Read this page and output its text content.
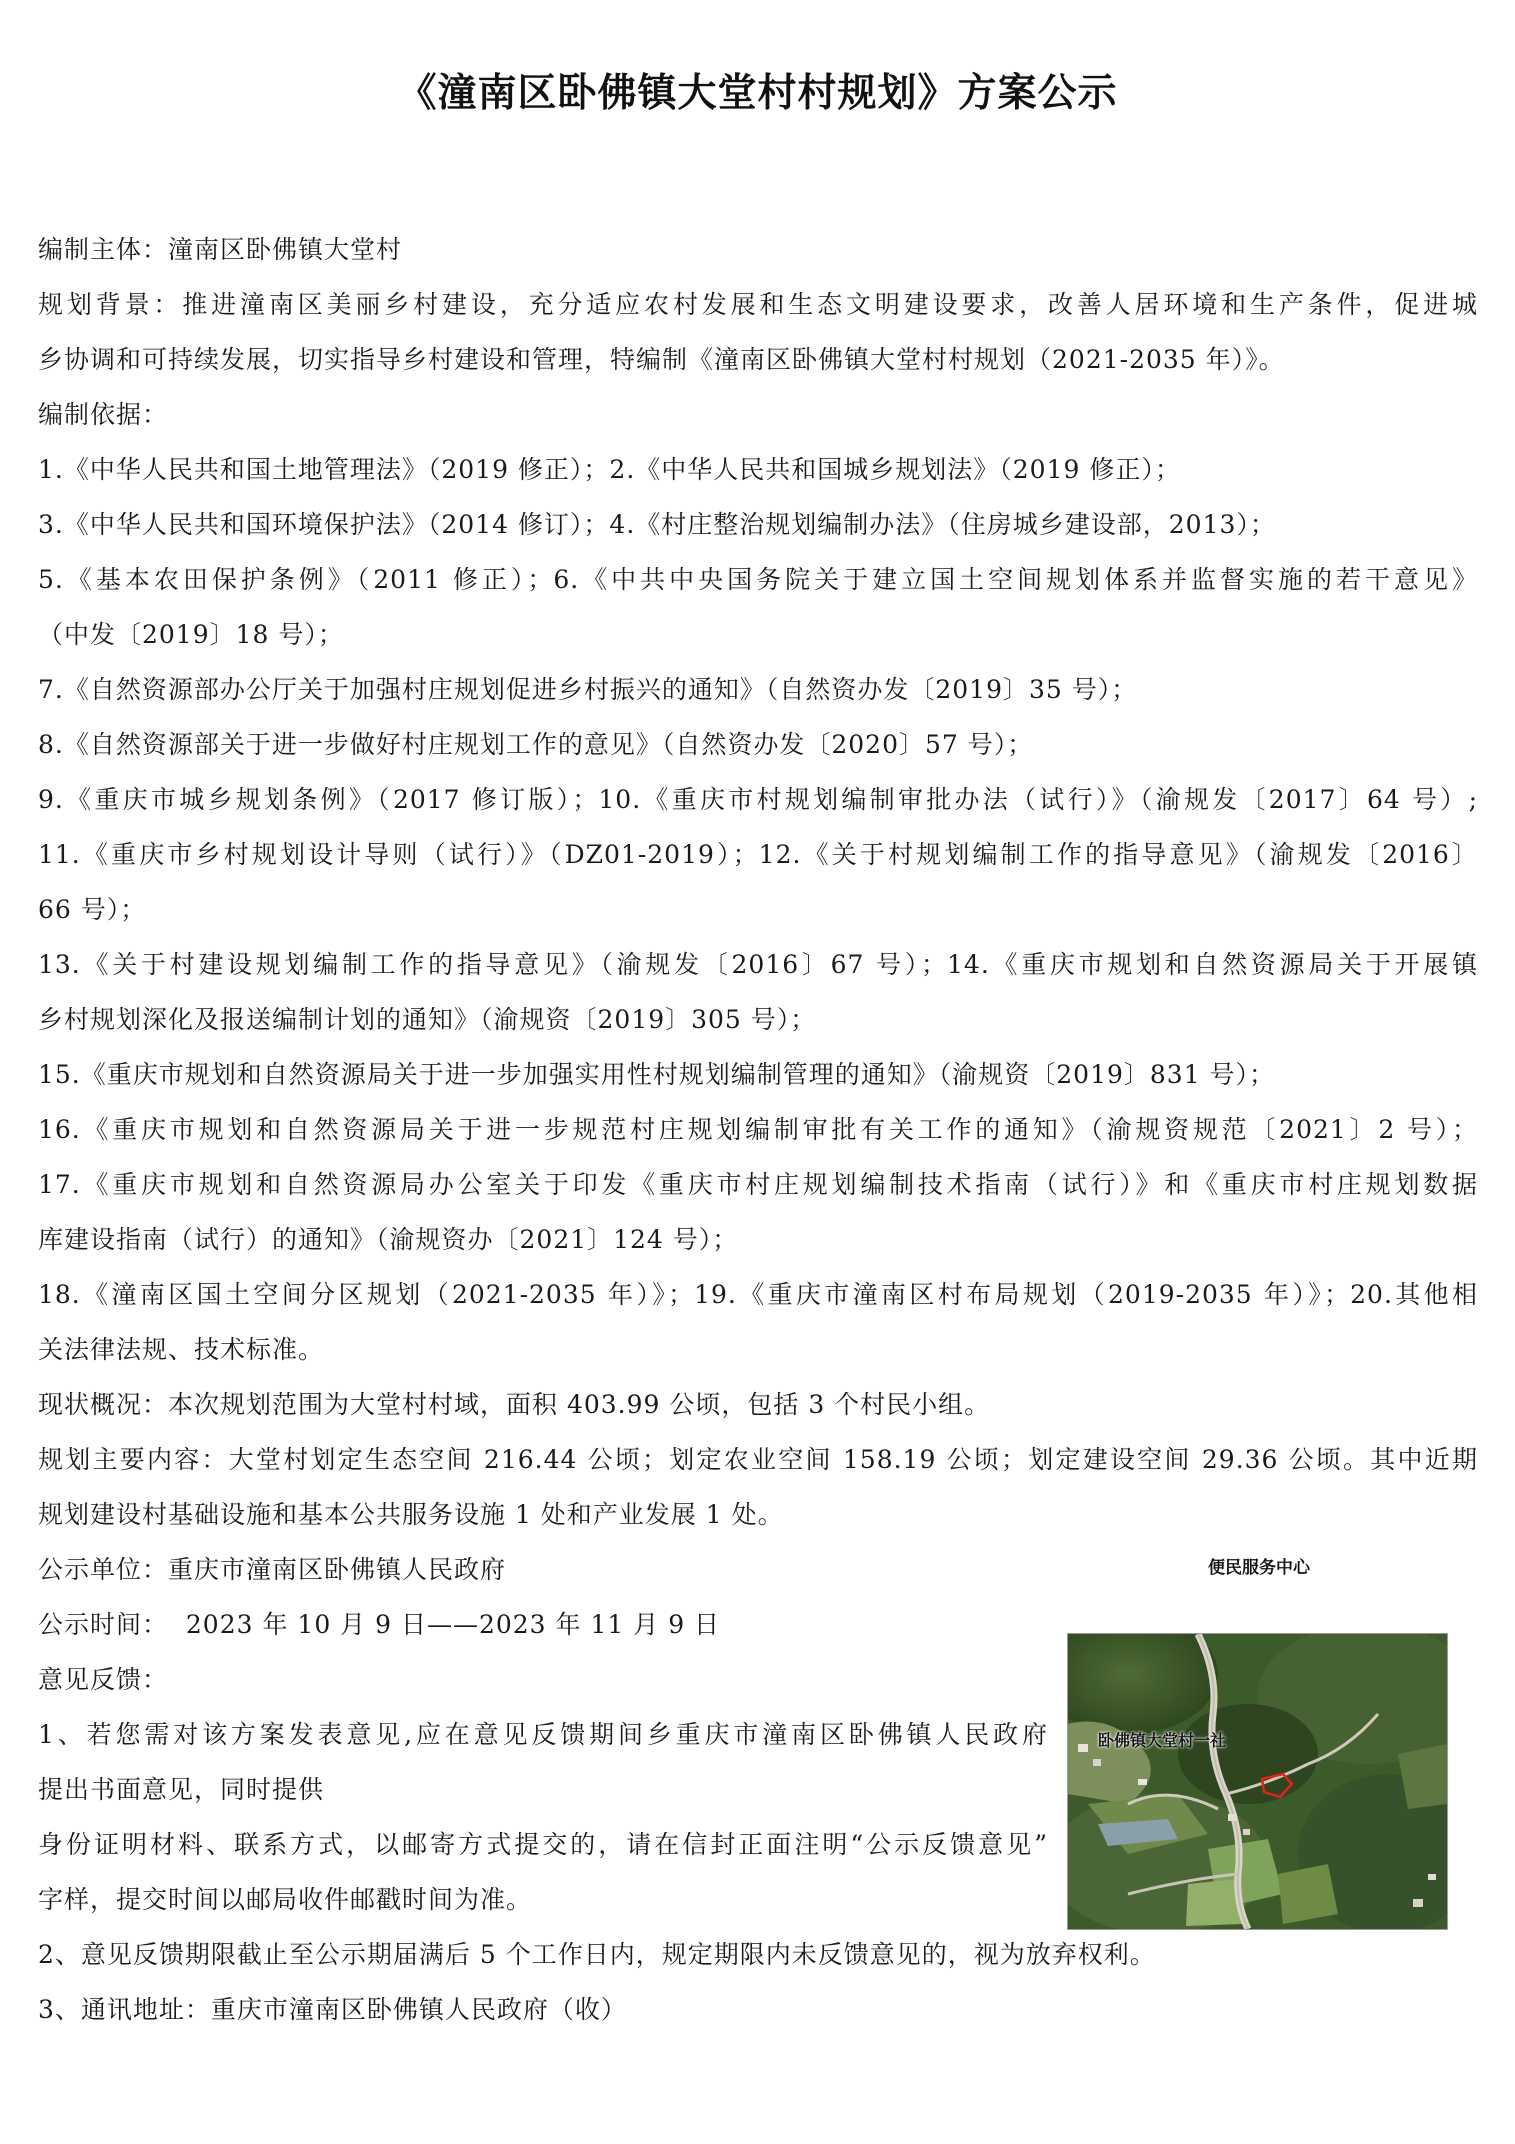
《潼南区卧佛镇大堂村村规划》方案公示

编制主体：潼南区卧佛镇大堂村

规划背景：推进潼南区美丽乡村建设，充分适应农村发展和生态文明建设要求，改善人居环境和生产条件，促进城

乡协调和可持续发展，切实指导乡村建设和管理，特编制《潼南区卧佛镇大堂村村规划（2021-2035 年）》。

编制依据：

1.《中华人民共和国土地管理法》（2019 修正）；2.《中华人民共和国城乡规划法》（2019 修正）；

3.《中华人民共和国环境保护法》（2014 修订）；4.《村庄整治规划编制办法》（住房城乡建设部，2013）；

5.《基本农田保护条例》（2011 修正）；6.《中共中央国务院关于建立国土空间规划体系并监督实施的若干意见》

（中发〔2019〕18 号）；

7.《自然资源部办公厅关于加强村庄规划促进乡村振兴的通知》（自然资办发〔2019〕35 号）；

8.《自然资源部关于进一步做好村庄规划工作的意见》（自然资办发〔2020〕57 号）；

9.《重庆市城乡规划条例》（2017 修订版）；10.《重庆市村规划编制审批办法（试行）》（渝规发〔2017〕64 号）;

11.《重庆市乡村规划设计导则（试行）》（DZ01-2019）；12.《关于村规划编制工作的指导意见》（渝规发〔2016〕

66 号）；

13.《关于村建设规划编制工作的指导意见》（渝规发〔2016〕67 号）；14.《重庆市规划和自然资源局关于开展镇

乡村规划深化及报送编制计划的通知》（渝规资〔2019〕305 号）；

15.《重庆市规划和自然资源局关于进一步加强实用性村规划编制管理的通知》（渝规资〔2019〕831 号）；

16.《重庆市规划和自然资源局关于进一步规范村庄规划编制审批有关工作的通知》（渝规资规范〔2021〕2 号）；

17.《重庆市规划和自然资源局办公室关于印发《重庆市村庄规划编制技术指南（试行）》和《重庆市村庄规划数据

库建设指南（试行）的通知》（渝规资办〔2021〕124 号）；

18.《潼南区国土空间分区规划（2021-2035 年）》；19.《重庆市潼南区村布局规划（2019-2035 年）》；20.其他相

关法律法规、技术标准。

现状概况：本次规划范围为大堂村村域，面积 403.99 公顷，包括 3 个村民小组。

规划主要内容：大堂村划定生态空间 216.44 公顷；划定农业空间 158.19 公顷；划定建设空间 29.36 公顷。其中近期

规划建设村基础设施和基本公共服务设施 1 处和产业发展 1 处。

公示单位：重庆市潼南区卧佛镇人民政府

公示时间：  2023 年 10 月 9 日——2023 年 11 月 9 日

意见反馈：

1、若您需对该方案发表意见,应在意见反馈期间乡重庆市潼南区卧佛镇人民政府

提出书面意见，同时提供

身份证明材料、联系方式，以邮寄方式提交的，请在信封正面注明“公示反馈意见”

字样，提交时间以邮局收件邮戳时间为准。

2、意见反馈期限截止至公示期届满后 5 个工作日内，规定期限内未反馈意见的，视为放弃权利。

3、通讯地址：重庆市潼南区卧佛镇人民政府（收）

便民服务中心
卧佛镇大堂村一社
